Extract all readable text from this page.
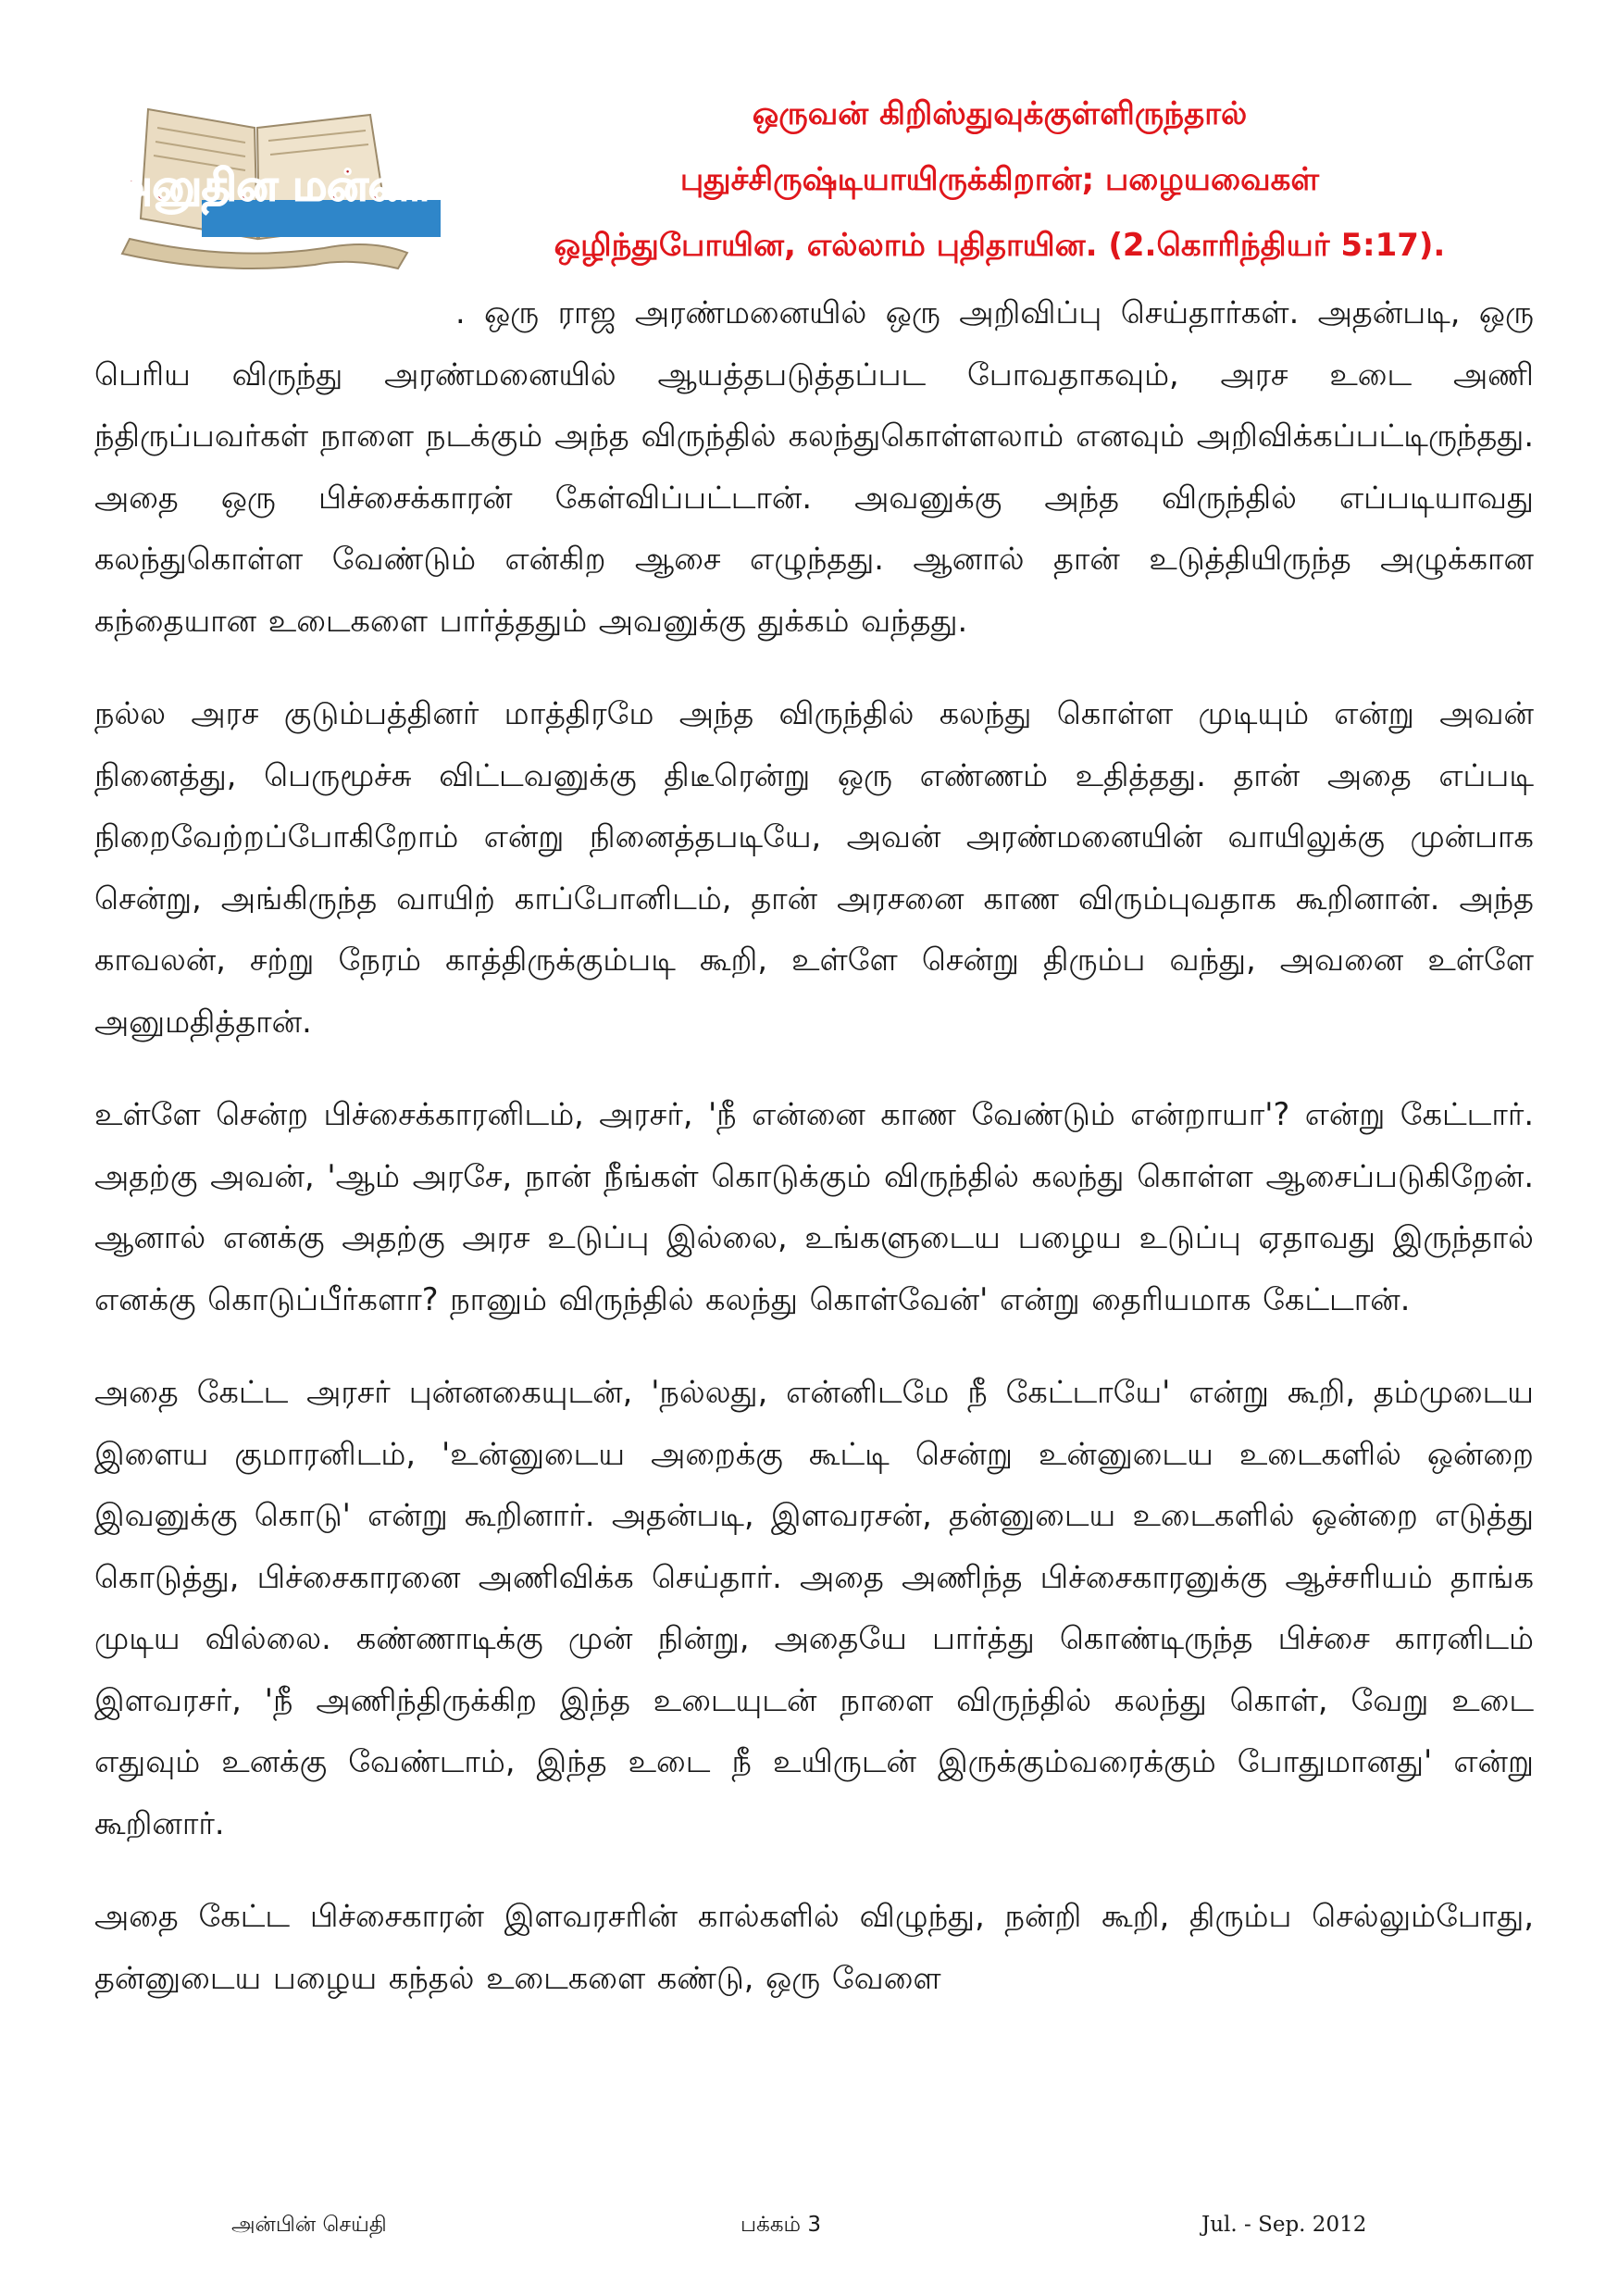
அனுதின மன்னா
ஒருவன் கிறிஸ்துவுக்குள்ளிருந்தால்
புதுச்சிருஷ்டியாயிருக்கிறான்; பழையவைகள்
ஒழிந்துபோயின, எல்லாம் புதிதாயின. (2.கொரிந்தியர் 5:17).

. ஒரு ராஜ அரண்மனையில் ஒரு அறிவிப்பு செய்தார்கள். அதன்படி, ஒரு பெரிய விருந்து அரண்மனையில் ஆயத்தபடுத்தப்பட போவதாகவும், அரச உடை அணி ந்திருப்பவர்கள் நாளை நடக்கும் அந்த விருந்தில் கலந்துகொள்ளலாம் எனவும் அறிவிக்கப்பட்டிருந்தது. அதை ஒரு பிச்சைக்காரன் கேள்விப்பட்டான். அவனுக்கு அந்த விருந்தில் எப்படியாவது கலந்துகொள்ள வேண்டும் என்கிற ஆசை எழுந்தது. ஆனால் தான் உடுத்தியிருந்த அழுக்கான கந்தையான உடைகளை பார்த்ததும் அவனுக்கு துக்கம் வந்தது.

நல்ல அரச குடும்பத்தினர் மாத்திரமே அந்த விருந்தில் கலந்து கொள்ள முடியும் என்று அவன் நினைத்து, பெருமூச்சு விட்டவனுக்கு திடீரென்று ஒரு எண்ணம் உதித்தது. தான் அதை எப்படி நிறைவேற்றப்போகிறோம் என்று நினைத்தபடியே, அவன் அரண்மனையின் வாயிலுக்கு முன்பாக சென்று, அங்கிருந்த வாயிற் காப்போனிடம், தான் அரசனை காண விரும்புவதாக கூறினான். அந்த காவலன், சற்று நேரம் காத்திருக்கும்படி கூறி, உள்ளே சென்று திரும்ப வந்து, அவனை உள்ளே அனுமதித்தான்.

உள்ளே சென்ற பிச்சைக்காரனிடம், அரசர், 'நீ என்னை காண வேண்டும் என்றாயா'? என்று கேட்டார். அதற்கு அவன், 'ஆம் அரசே, நான் நீங்கள் கொடுக்கும் விருந்தில் கலந்து கொள்ள ஆசைப்படுகிறேன். ஆனால் எனக்கு அதற்கு அரச உடுப்பு இல்லை, உங்களுடைய பழைய உடுப்பு ஏதாவது இருந்தால் எனக்கு கொடுப்பீர்களா? நானும் விருந்தில் கலந்து கொள்வேன்' என்று தைரியமாக கேட்டான்.

அதை கேட்ட அரசர் புன்னகையுடன், 'நல்லது, என்னிடமே நீ கேட்டாயே' என்று கூறி, தம்முடைய இளைய குமாரனிடம், 'உன்னுடைய அறைக்கு கூட்டி சென்று உன்னுடைய உடைகளில் ஒன்றை இவனுக்கு கொடு' என்று கூறினார். அதன்படி, இளவரசன், தன்னுடைய உடைகளில் ஒன்றை எடுத்து கொடுத்து, பிச்சைகாரனை அணிவிக்க செய்தார். அதை அணிந்த பிச்சைகாரனுக்கு ஆச்சரியம் தாங்க முடிய வில்லை. கண்ணாடிக்கு முன் நின்று, அதையே பார்த்து கொண்டிருந்த பிச்சை காரனிடம் இளவரசர், 'நீ அணிந்திருக்கிற இந்த உடையுடன் நாளை விருந்தில் கலந்து கொள், வேறு உடை எதுவும் உனக்கு வேண்டாம், இந்த உடை நீ உயிருடன் இருக்கும்வரைக்கும் போதுமானது' என்று கூறினார்.

அதை கேட்ட பிச்சைகாரன் இளவரசரின் கால்களில் விழுந்து, நன்றி கூறி, திரும்ப செல்லும்போது, தன்னுடைய பழைய கந்தல் உடைகளை கண்டு, ஒரு வேளை

அன்பின் செய்தி	பக்கம் 3	Jul. - Sep. 2012
